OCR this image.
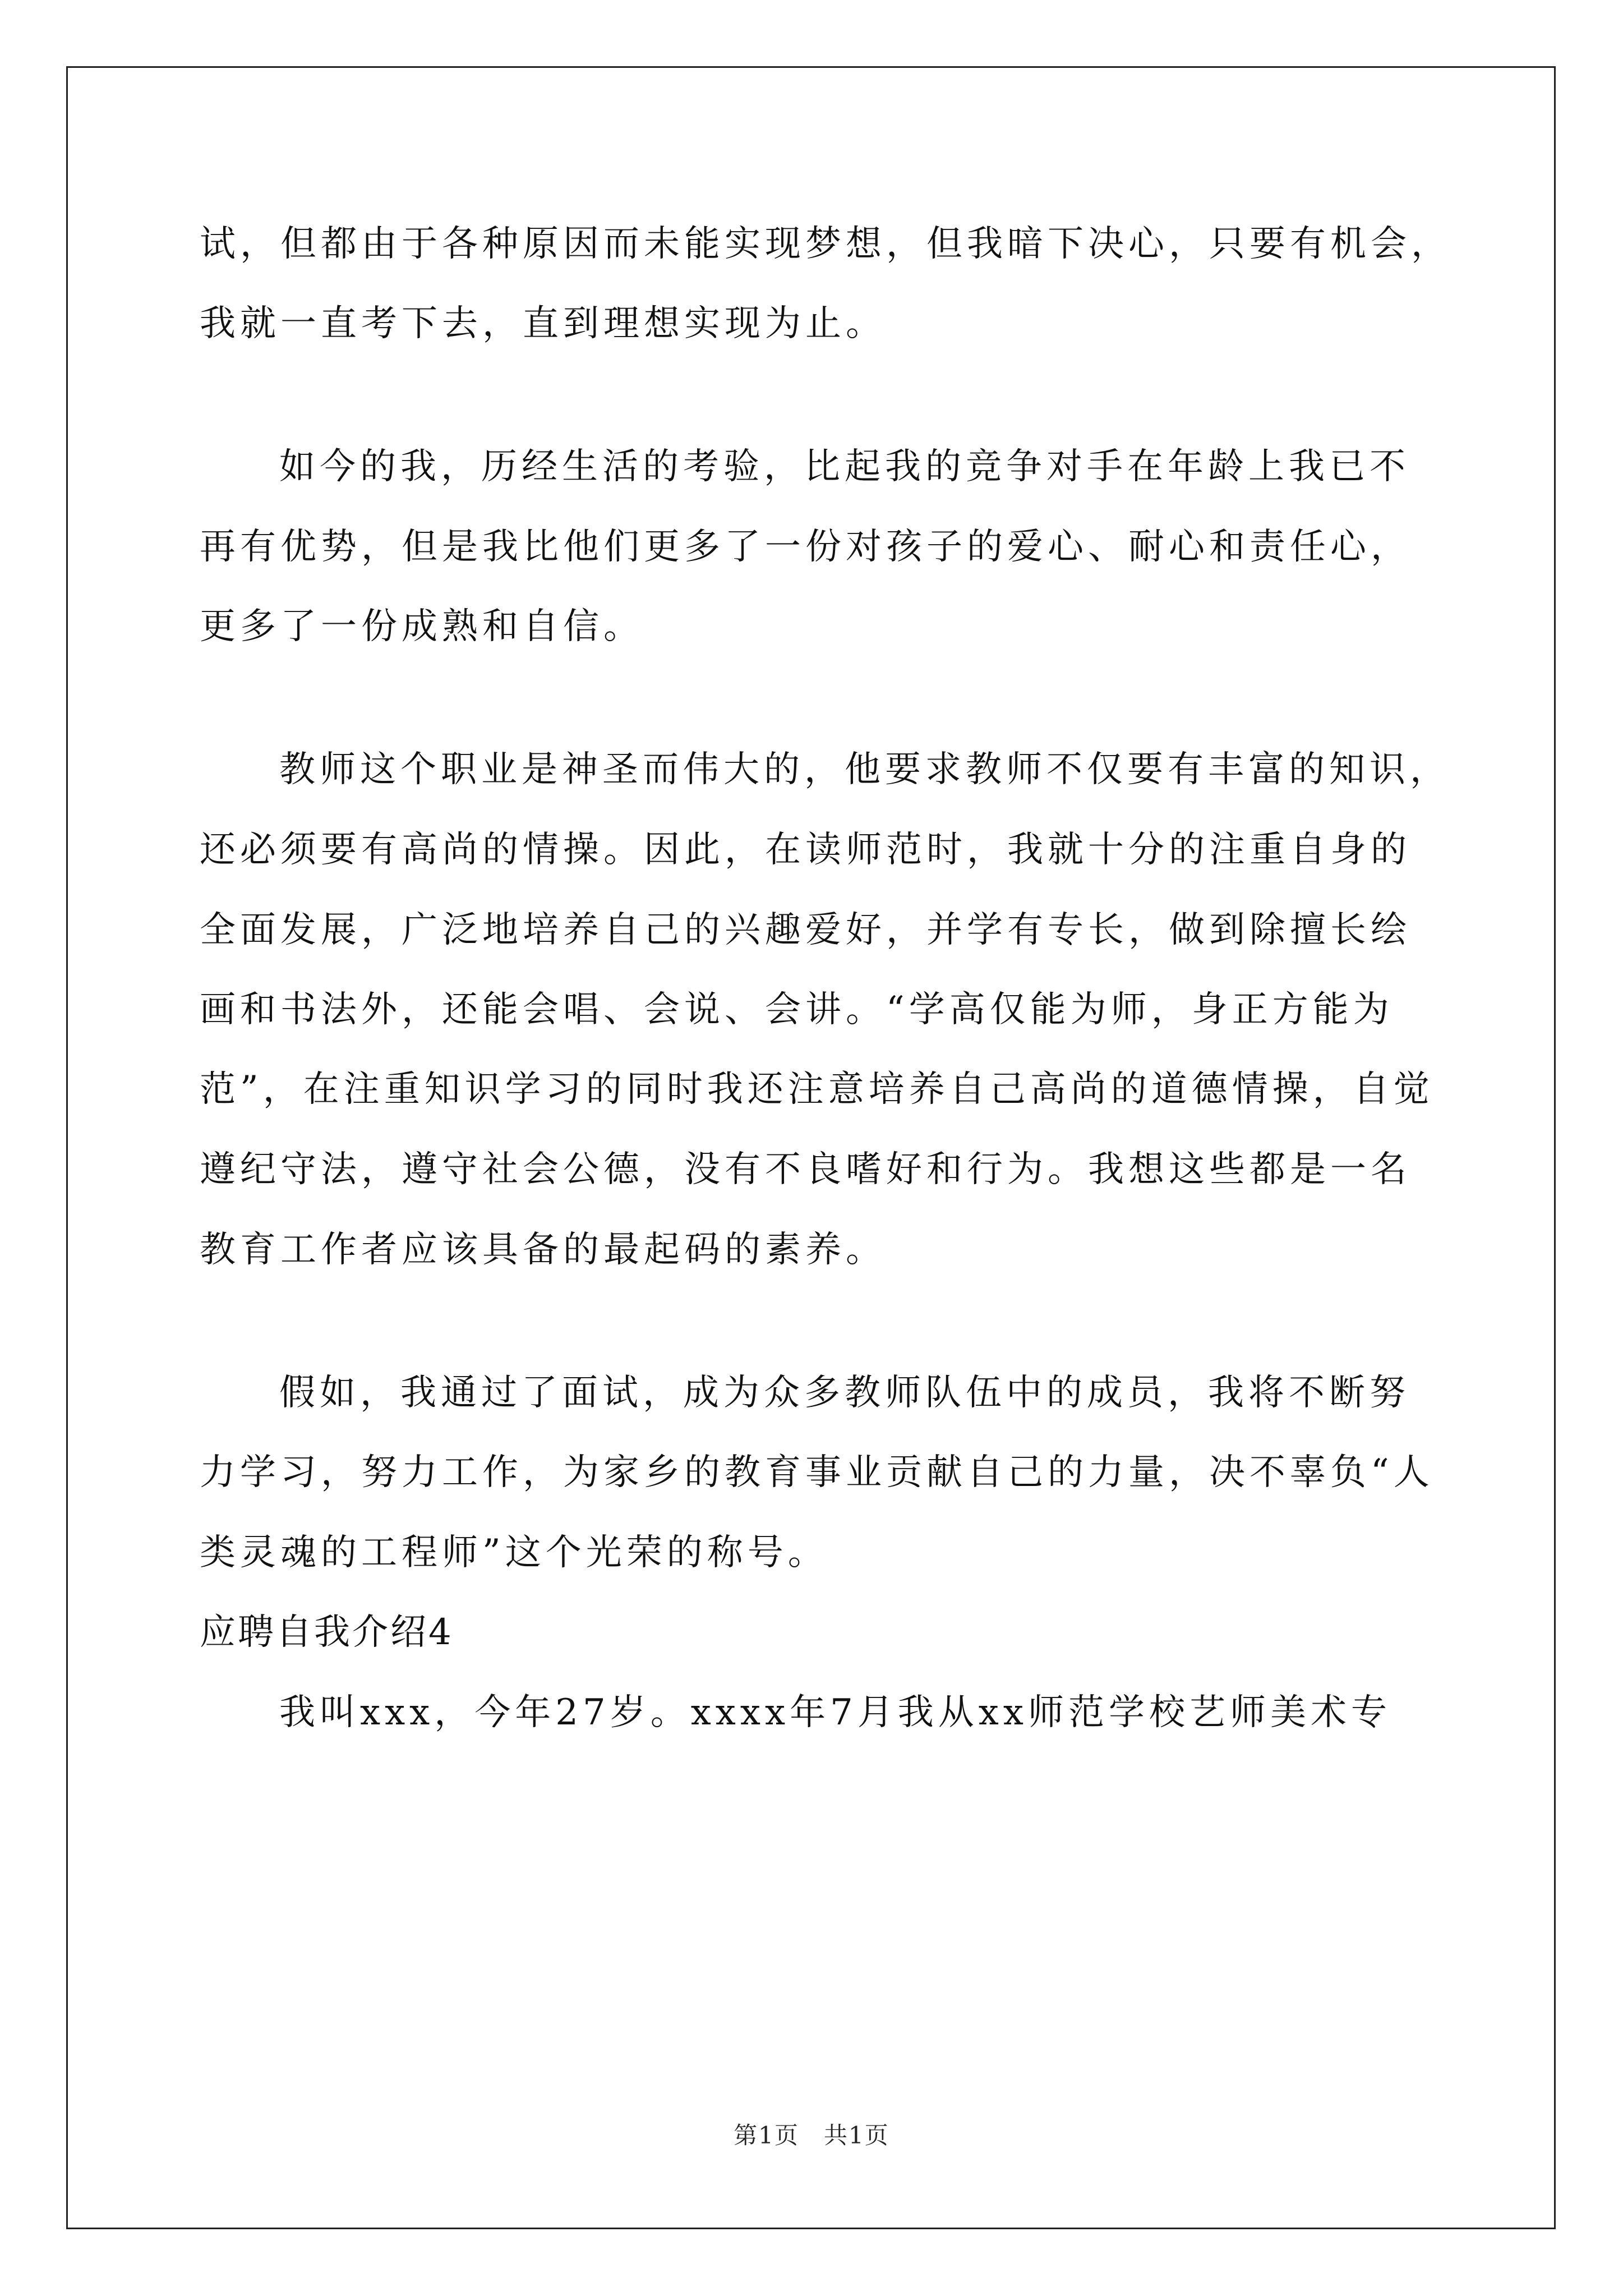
试，但都由于各种原因而未能实现梦想，但我暗下决心，只要有机会，
我就一直考下去，直到理想实现为止。
如今的我，历经生活的考验，比起我的竞争对手在年龄上我已不
再有优势，但是我比他们更多了一份对孩子的爱心、耐心和责任心，
更多了一份成熟和自信。
教师这个职业是神圣而伟大的，他要求教师不仅要有丰富的知识，
还必须要有高尚的情操。因此，在读师范时，我就十分的注重自身的
全面发展，广泛地培养自己的兴趣爱好，并学有专长，做到除擅长绘
画和书法外，还能会唱、会说、会讲。“学高仅能为师，身正方能为
范”，在注重知识学习的同时我还注意培养自己高尚的道德情操，自觉
遵纪守法，遵守社会公德，没有不良嗜好和行为。我想这些都是一名
教育工作者应该具备的最起码的素养。
假如，我通过了面试，成为众多教师队伍中的成员，我将不断努
力学习，努力工作，为家乡的教育事业贡献自己的力量，决不辜负“人
类灵魂的工程师”这个光荣的称号。
应聘自我介绍4
我叫xxx，今年27岁。xxxx年7月我从xx师范学校艺师美术专
第1页　共1页
